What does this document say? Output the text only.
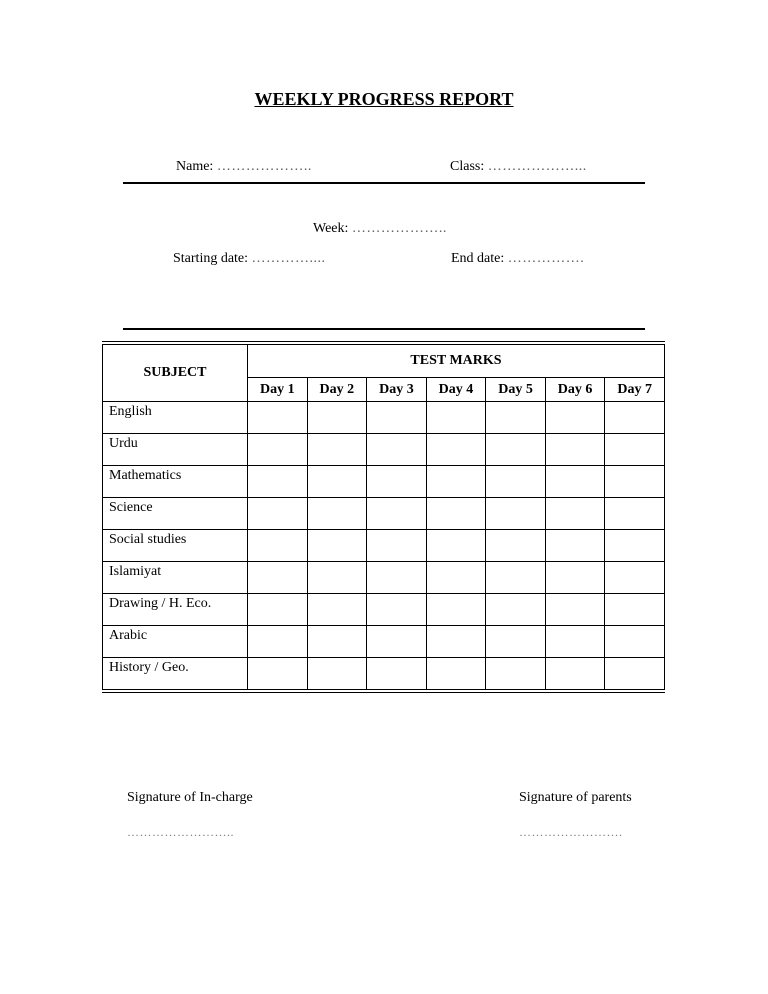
WEEKLY PROGRESS REPORT
Name: ………………..	Class: ………………...
Week: ………………..
Starting date: …………....	End date: …………….
SUBJECT	TEST MARKS						
	Day 1	Day 2	Day 3	Day 4	Day 5	Day 6	Day 7
English							
Urdu							
Mathematics							
Science							
Social studies							
Islamiyat							
Drawing / H. Eco.							
Arabic							
History / Geo.							
Signature of In-charge
……………………..
Signature of parents
…………………….
